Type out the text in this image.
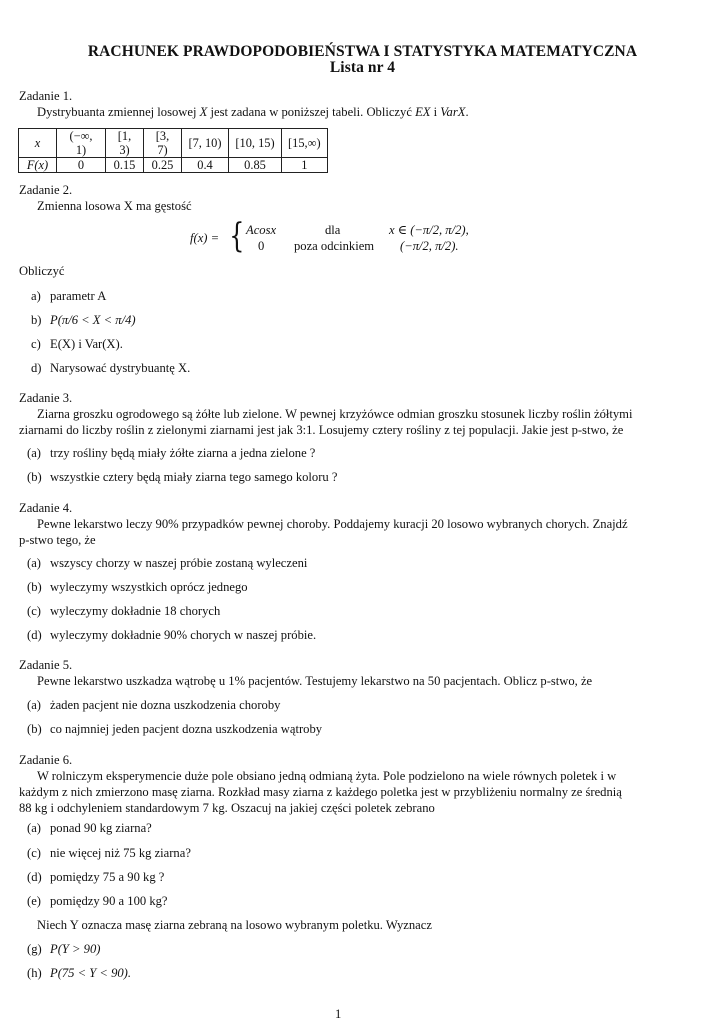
RACHUNEK PRAWDOPODOBIEŃSTWA I STATYSTYKA MATEMATYCZNA
Lista nr 4
Zadanie 1.
Dystrybuanta zmiennej losowej X jest zadana w poniższej tabeli. Obliczyć EX i VarX.
x	(−∞, 1)	[1, 3)	[3, 7)	[7, 10)	[10, 15)	[15,∞)
F(x)	0	0.15	0.25	0.4	0.85	1
Zadanie 2.
Zmienna losowa X ma gęstość
f(x) = { Acosx	dla	x ∈ (−π/2, π/2),
0 poza odcinkiem (−π/2, π/2).
Obliczyć
a) parametr A
b) P(π/6 < X < π/4)
c) E(X) i Var(X).
d) Narysować dystrybuantę X.
Zadanie 3.
Ziarna groszku ogrodowego są żółte lub zielone. W pewnej krzyżówce odmian groszku stosunek liczby roślin żółtymi
ziarnami do liczby roślin z zielonymi ziarnami jest jak 3:1. Losujemy cztery rośliny z tej populacji. Jakie jest p-stwo, że
(a) trzy rośliny będą miały żółte ziarna a jedna zielone ?
(b) wszystkie cztery będą miały ziarna tego samego koloru ?
Zadanie 4.
Pewne lekarstwo leczy 90% przypadków pewnej choroby. Poddajemy kuracji 20 losowo wybranych chorych. Znajdź
p-stwo tego, że
(a) wszyscy chorzy w naszej próbie zostaną wyleczeni
(b) wyleczymy wszystkich oprócz jednego
(c) wyleczymy dokładnie 18 chorych
(d) wyleczymy dokładnie 90% chorych w naszej próbie.
Zadanie 5.
Pewne lekarstwo uszkadza wątrobę u 1% pacjentów. Testujemy lekarstwo na 50 pacjentach. Oblicz p-stwo, że
(a) żaden pacjent nie dozna uszkodzenia choroby
(b) co najmniej jeden pacjent dozna uszkodzenia wątroby
Zadanie 6.
W rolniczym eksperymencie duże pole obsiano jedną odmianą żyta. Pole podzielono na wiele równych poletek i w
każdym z nich zmierzono masę ziarna. Rozkład masy ziarna z każdego poletka jest w przybliżeniu normalny ze średnią
88 kg i odchyleniem standardowym 7 kg. Oszacuj na jakiej części poletek zebrano
(a) ponad 90 kg ziarna?
(c) nie więcej niż 75 kg ziarna?
(d) pomiędzy 75 a 90 kg ?
(e) pomiędzy 90 a 100 kg?
Niech Y oznacza masę ziarna zebraną na losowo wybranym poletku. Wyznacz
(g) P(Y > 90)
(h) P(75 < Y < 90).
1
